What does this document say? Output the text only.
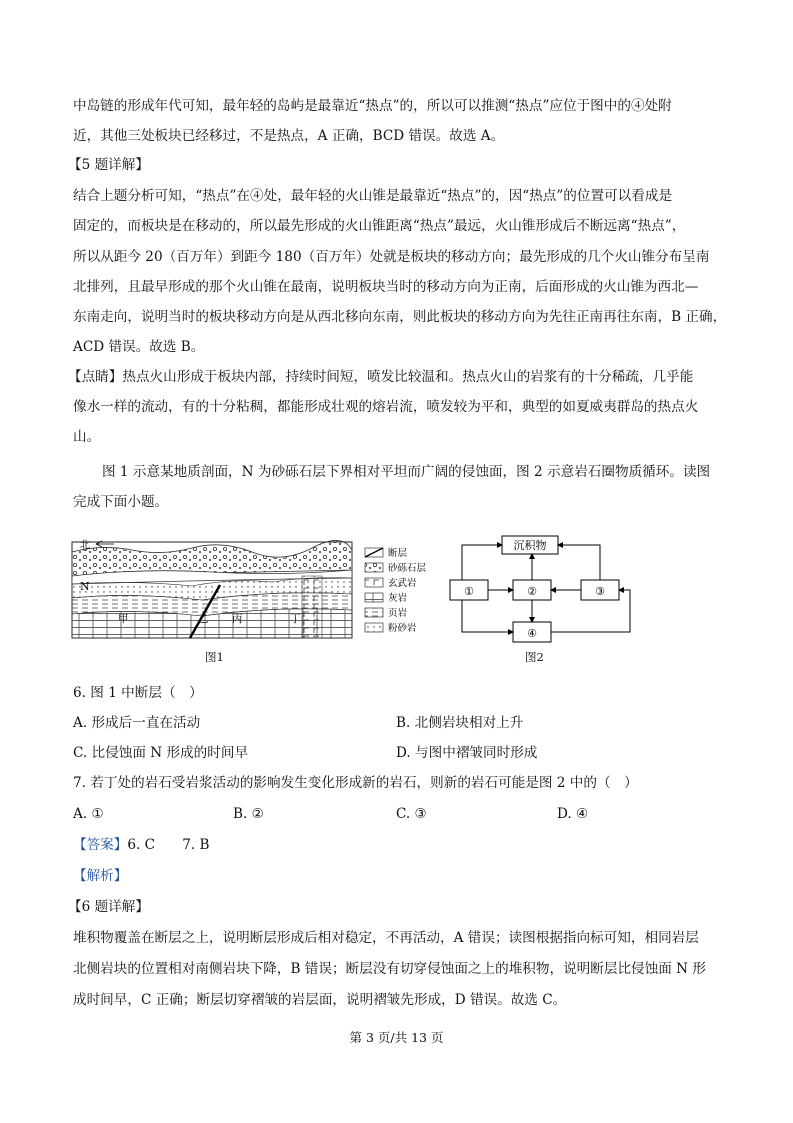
中岛链的形成年代可知，最年轻的岛屿是最靠近“热点”的，所以可以推测“热点”应位于图中的④处附
近，其他三处板块已经移过，不是热点，A 正确，BCD 错误。故选 A。
【5 题详解】
结合上题分析可知，“热点”在④处，最年轻的火山锥是最靠近“热点”的，因“热点”的位置可以看成是
固定的，而板块是在移动的，所以最先形成的火山锥距离“热点”最远，火山锥形成后不断远离“热点”，
所以从距今 20（百万年）到距今 180（百万年）处就是板块的移动方向；最先形成的几个火山锥分布呈南
北排列，且最早形成的那个火山锥在最南，说明板块当时的移动方向为正南，后面形成的火山锥为西北—
东南走向，说明当时的板块移动方向是从西北移向东南，则此板块的移动方向为先往正南再往东南，B 正确，
ACD 错误。故选 B。
【点睛】热点火山形成于板块内部，持续时间短，喷发比较温和。热点火山的岩浆有的十分稀疏，几乎能
像水一样的流动，有的十分粘稠，都能形成壮观的熔岩流，喷发较为平和，典型的如夏威夷群岛的热点火
山。
图 1 示意某地质剖面，N 为砂砾石层下界相对平坦而广阔的侵蚀面，图 2 示意岩石圈物质循环。读图
完成下面小题。
北
N
甲	乙 丙	丁
断层
砂砾石层
玄武岩
灰岩
页岩
粉砂岩
图1
沉积物
①	②	③
④
图2
6. 图 1 中断层（　）
A. 形成后一直在活动	B. 北侧岩块相对上升
C. 比侵蚀面 N 形成的时间早	D. 与图中褶皱同时形成
7. 若丁处的岩石受岩浆活动的影响发生变化形成新的岩石，则新的岩石可能是图 2 中的（　）
A. ①	B. ②	C. ③	D. ④
【答案】6. C　　7. B
【解析】
【6 题详解】
堆积物覆盖在断层之上，说明断层形成后相对稳定，不再活动，A 错误；读图根据指向标可知，相同岩层
北侧岩块的位置相对南侧岩块下降，B 错误；断层没有切穿侵蚀面之上的堆积物，说明断层比侵蚀面 N 形
成时间早，C 正确；断层切穿褶皱的岩层面，说明褶皱先形成，D 错误。故选 C。
第 3 页/共 13 页
